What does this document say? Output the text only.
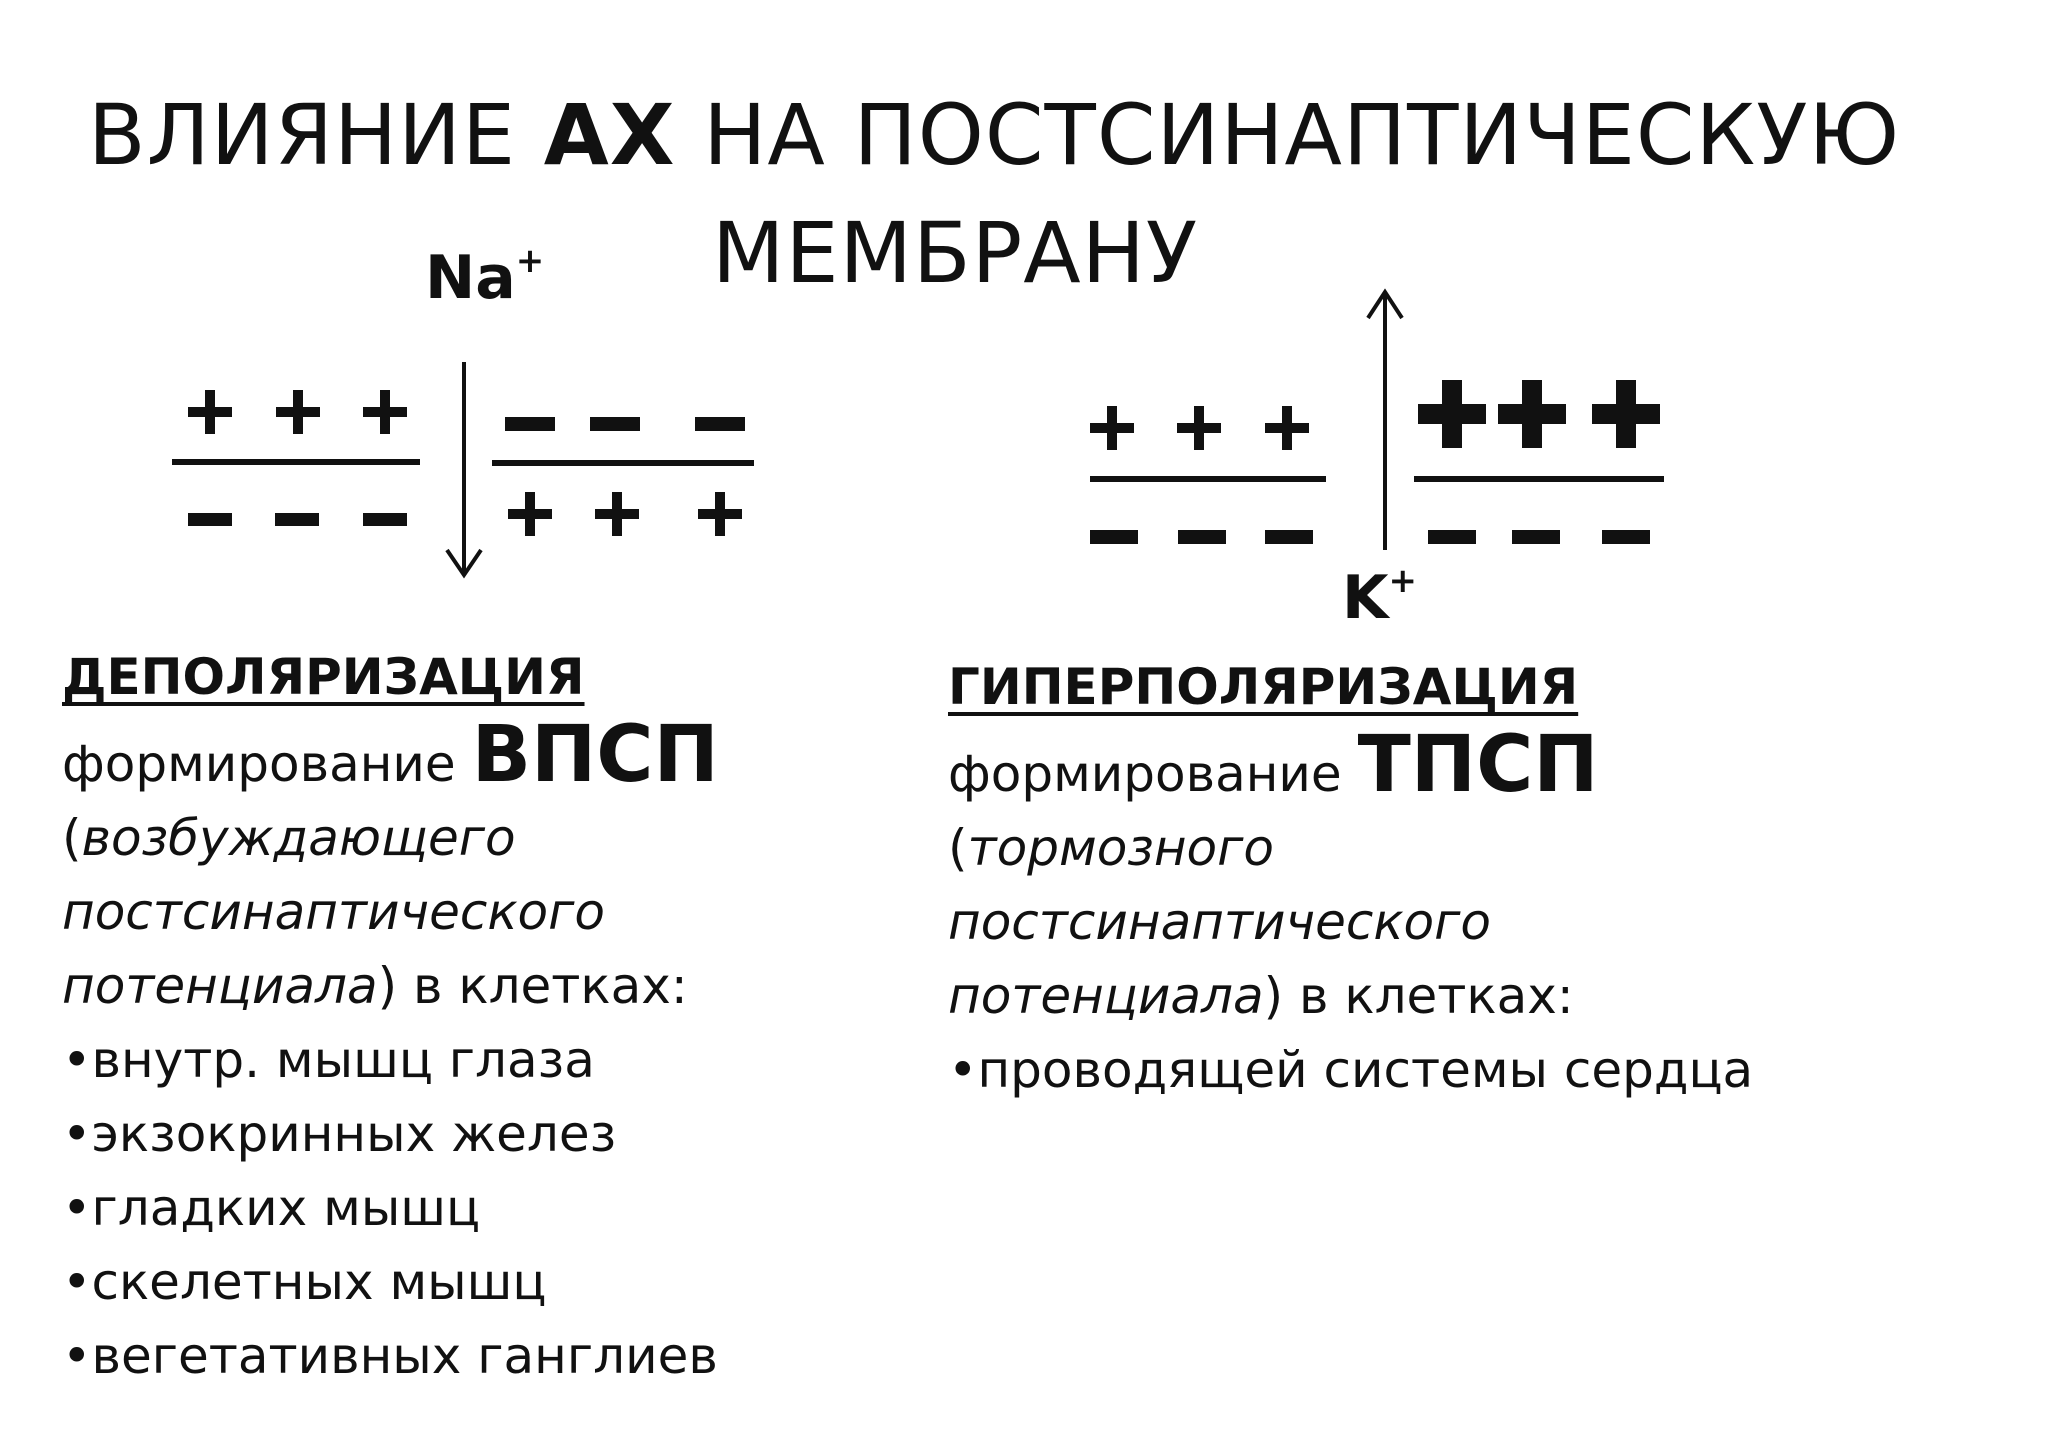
ВЛИЯНИЕ АХ НА ПОСТСИНАПТИЧЕСКУЮ
МЕМБРАНУ
Na+
K+
ДЕПОЛЯРИЗАЦИЯ
формирование ВПСП
(возбуждающего
постсинаптического
потенциала) в клетках:
•внутр. мышц глаза
•экзокринных желез
•гладких мышц
•скелетных мышц
•вегетативных ганглиев
ГИПЕРПОЛЯРИЗАЦИЯ
формирование ТПСП
(тормозного
постсинаптического
потенциала) в клетках:
•проводящей системы сердца
